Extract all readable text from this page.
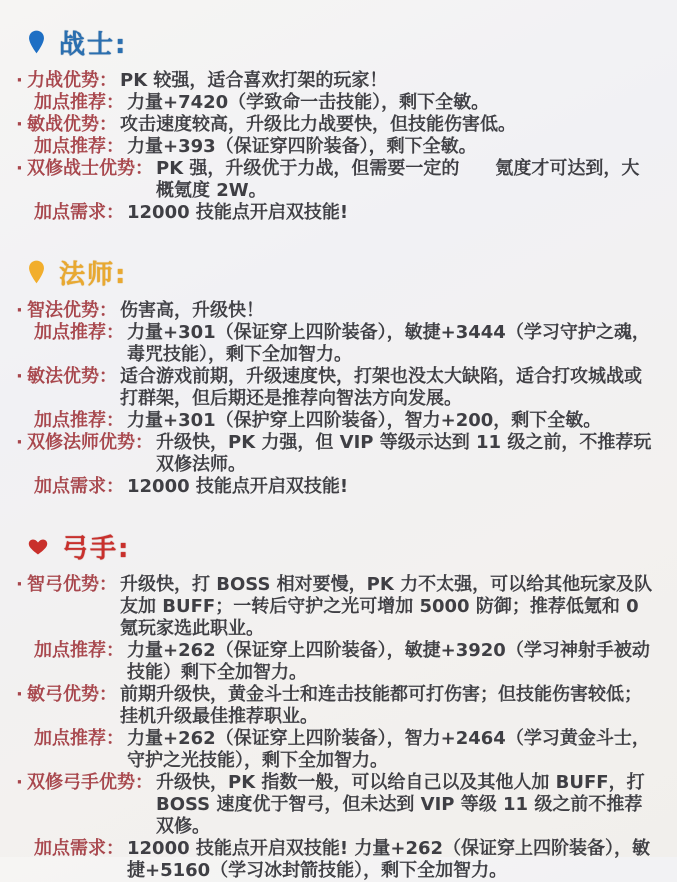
战士:
· 力战优势： PK 较强，适合喜欢打架的玩家！
加点推荐： 力量+7420（学致命一击技能），剩下全敏。
· 敏战优势： 攻击速度较高，升级比力战要快，但技能伤害低。
加点推荐： 力量+393（保证穿四阶装备），剩下全敏。
· 双修战士优势： PK 强，升级优于力战，但需要一定的　　氪度才可达到，大概氪度 2W。
加点需求： 12000 技能点开启双技能!
法师:
· 智法优势： 伤害高，升级快！
加点推荐： 力量+301（保证穿上四阶装备），敏捷+3444（学习守护之魂，毒咒技能），剩下全加智力。
· 敏法优势： 适合游戏前期，升级速度快，打架也没太大缺陷，适合打攻城战或打群架，但后期还是推荐向智法方向发展。
加点推荐： 力量+301（保护穿上四阶装备），智力+200，剩下全敏。
· 双修法师优势： 升级快，PK 力强，但 VIP 等级示达到 11 级之前，不推荐玩双修法师。
加点需求： 12000 技能点开启双技能!
弓手:
· 智弓优势： 升级快，打 BOSS 相对要慢，PK 力不太强，可以给其他玩家及队友加 BUFF；一转后守护之光可增加 5000 防御；推荐低氪和 0 氪玩家选此职业。
加点推荐： 力量+262（保证穿上四阶装备），敏捷+3920（学习神射手被动技能）剩下全加智力。
· 敏弓优势： 前期升级快，黄金斗士和连击技能都可打伤害；但技能伤害较低；挂机升级最佳推荐职业。
加点推荐： 力量+262（保证穿上四阶装备），智力+2464（学习黄金斗士，守护之光技能），剩下全加智力。
· 双修弓手优势： 升级快，PK 指数一般，可以给自己以及其他人加 BUFF，打 BOSS 速度优于智弓，但未达到 VIP 等级 11 级之前不推荐双修。
加点需求： 12000 技能点开启双技能! 力量+262（保证穿上四阶装备），敏捷+5160（学习冰封箭技能），剩下全加智力。
